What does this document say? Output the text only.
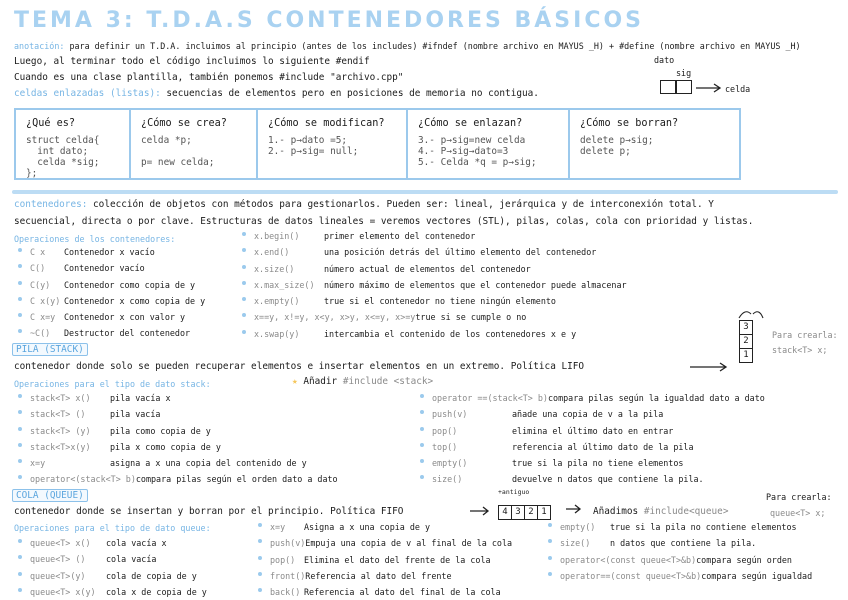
TEMA 3: T.D.A.S CONTENEDORES BÁSICOS
anotación: para definir un T.D.A. incluimos al principio (antes de los includes) #ifndef (nombre archivo en MAYUS _H) + #define (nombre archivo en MAYUS _H)
Luego, al terminar todo el código incluimos lo siguiente #endif
Cuando es una clase plantilla, también ponemos #include "archivo.cpp"
celdas enlazadas (listas): secuencias de elementos pero en posiciones de memoria no contigua.
dato
sig
celda
¿Qué es?
struct celda{
int dato;
celda *sig;
};
¿Cómo se crea?
celda *p;

p= new celda;
¿Cómo se modifican?
1.- p→dato =5;
2.- p→sig= null;
¿Cómo se enlazan?
3.- p→sig=new celda
4.- P→sig→dato=3
5.- Celda *q = p→sig;
¿Cómo se borran?
delete p→sig;
delete p;
contenedores: colección de objetos con métodos para gestionarlos. Pueden ser: lineal, jerárquica y de interconexión total. Y
secuencial, directa o por clave. Estructuras de datos lineales = veremos vectores (STL), pilas, colas, cola con prioridad y listas.
Operaciones de los contenedores:
C x Contenedor x vacío
C() Contenedor vacío
C(y) Contenedor como copia de y
C x(y) Contenedor x como copia de y
C x=y Contenedor x con valor y
~C() Destructor del contenedor
x.begin()	primer elemento del contenedor
x.end()	una posición detrás del último elemento del contenedor
x.size()	número actual de elementos del contenedor
x.max_size() número máximo de elementos que el contenedor puede almacenar
x.empty()	true si el contenedor no tiene ningún elemento
x==y, x!=y, x<y, x>y, x<=y, x>=ytrue si se cumple o no
x.swap(y)	intercambia el contenido de los contenedores x e y
PILA (STACK)
contenedor donde solo se pueden recuperar elementos e insertar elementos en un extremo. Política LIFO
3
2
1
Para crearla:
stack<T> x;
Operaciones para el tipo de dato stack:	★ Añadir #include <stack>
stack<T> x() pila vacía x
stack<T> ()	pila vacía
stack<T> (y) pila como copia de y
stack<T>x(y) pila x como copia de y
x=y	asigna a x una copia del contenido de y
operator<(stack<T> b)compara pilas según el orden dato a dato
operator ==(stack<T> b)compara pilas según la igualdad dato a dato
push(v)	añade una copia de v a la pila
pop()	elimina el último dato en entrar
top()	referencia al último dato de la pila
empty()	true si la pila no tiene elementos
size()	devuelve n datos que contiene la pila.
COLA (QUEUE)
contenedor donde se insertan y borran por el principio. Política FIFO
+antiguo
4 3 2 1	Añadimos #include<queue>
Para crearla:
queue<T> x;
Operaciones para el tipo de dato queue:
queue<T> x() cola vacía x
queue<T> () cola vacía
queue<T>(y) cola de copia de y
queue<T> x(y) cola x de copia de y
x=y Asigna a x una copia de y
push(v)Empuja una copia de v al final de la cola
pop() Elimina el dato del frente de la cola
front()Referencia al dato del frente
back() Referencia al dato del final de la cola
empty() true si la pila no contiene elementos
size() n datos que contiene la pila.
operator<(const queue<T>&b)compara según orden
operator==(const queue<T>&b)compara según igualdad
